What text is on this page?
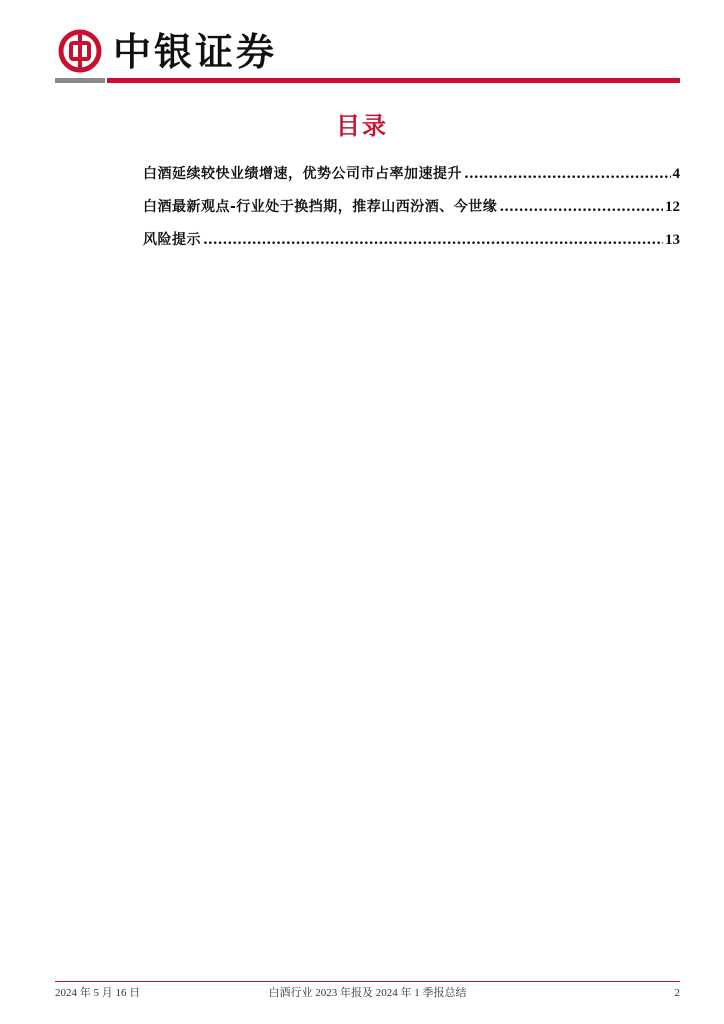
中银证券
目录
白酒延续较快业绩增速，优势公司市占率加速提升 .....	4
白酒最新观点-行业处于换挡期，推荐山西汾酒、今世缘 .....	12
风险提示 .....	13
2024 年 5 月 16 日	白酒行业 2023 年报及 2024 年 1 季报总结	2
